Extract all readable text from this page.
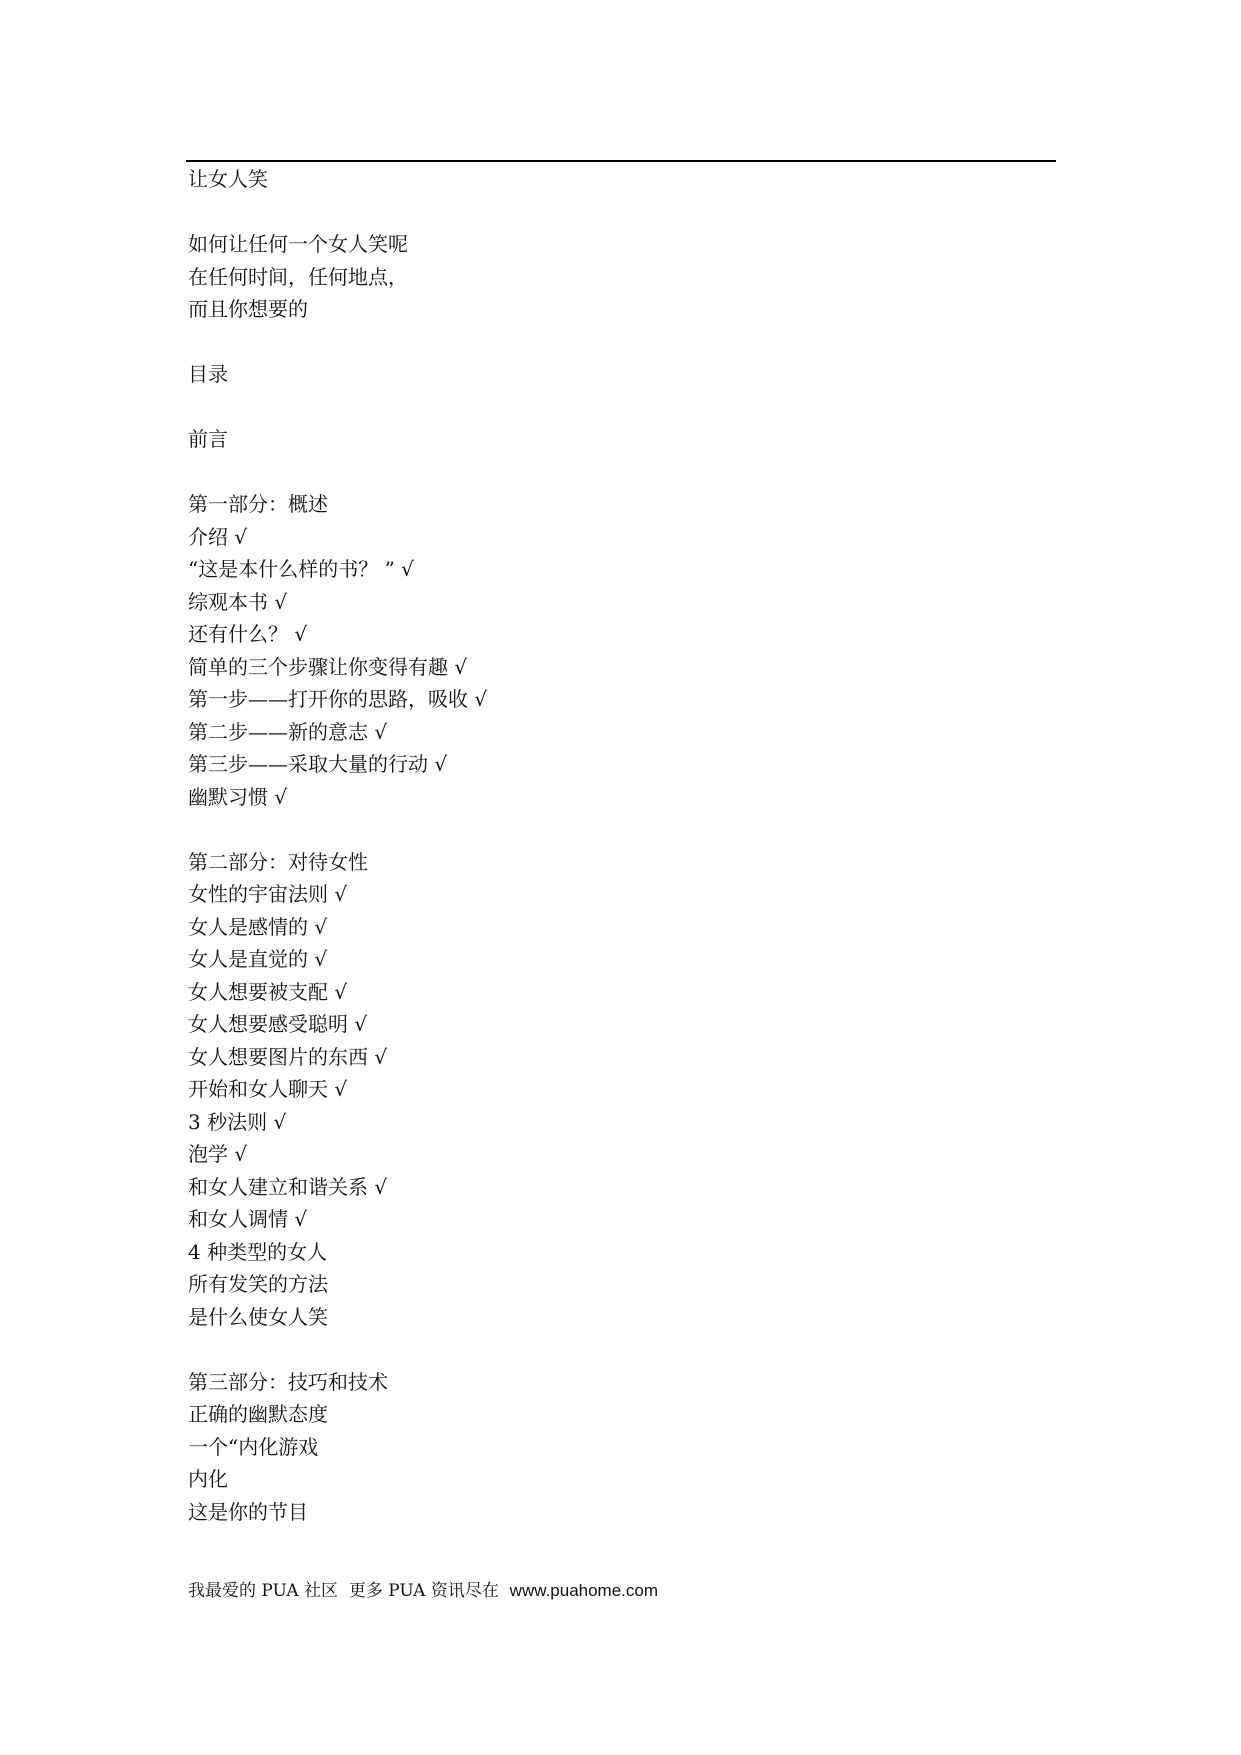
让女人笑
如何让任何一个女人笑呢
在任何时间，任何地点，
而且你想要的
目录
前言
第一部分：概述
介绍 √
“这是本什么样的书？ ” √
综观本书 √
还有什么？ √
简单的三个步骤让你变得有趣 √
第一步——打开你的思路，吸收 √
第二步——新的意志 √
第三步——采取大量的行动 √
幽默习惯 √
第二部分：对待女性
女性的宇宙法则 √
女人是感情的 √
女人是直觉的 √
女人想要被支配 √
女人想要感受聪明 √
女人想要图片的东西 √
开始和女人聊天 √
3 秒法则 √
泡学 √
和女人建立和谐关系 √
和女人调情 √
4 种类型的女人
所有发笑的方法
是什么使女人笑
第三部分：技巧和技术
正确的幽默态度
一个“内化游戏
内化
这是你的节目
我最爱的 PUA 社区  更多 PUA 资讯尽在  www.puahome.com
